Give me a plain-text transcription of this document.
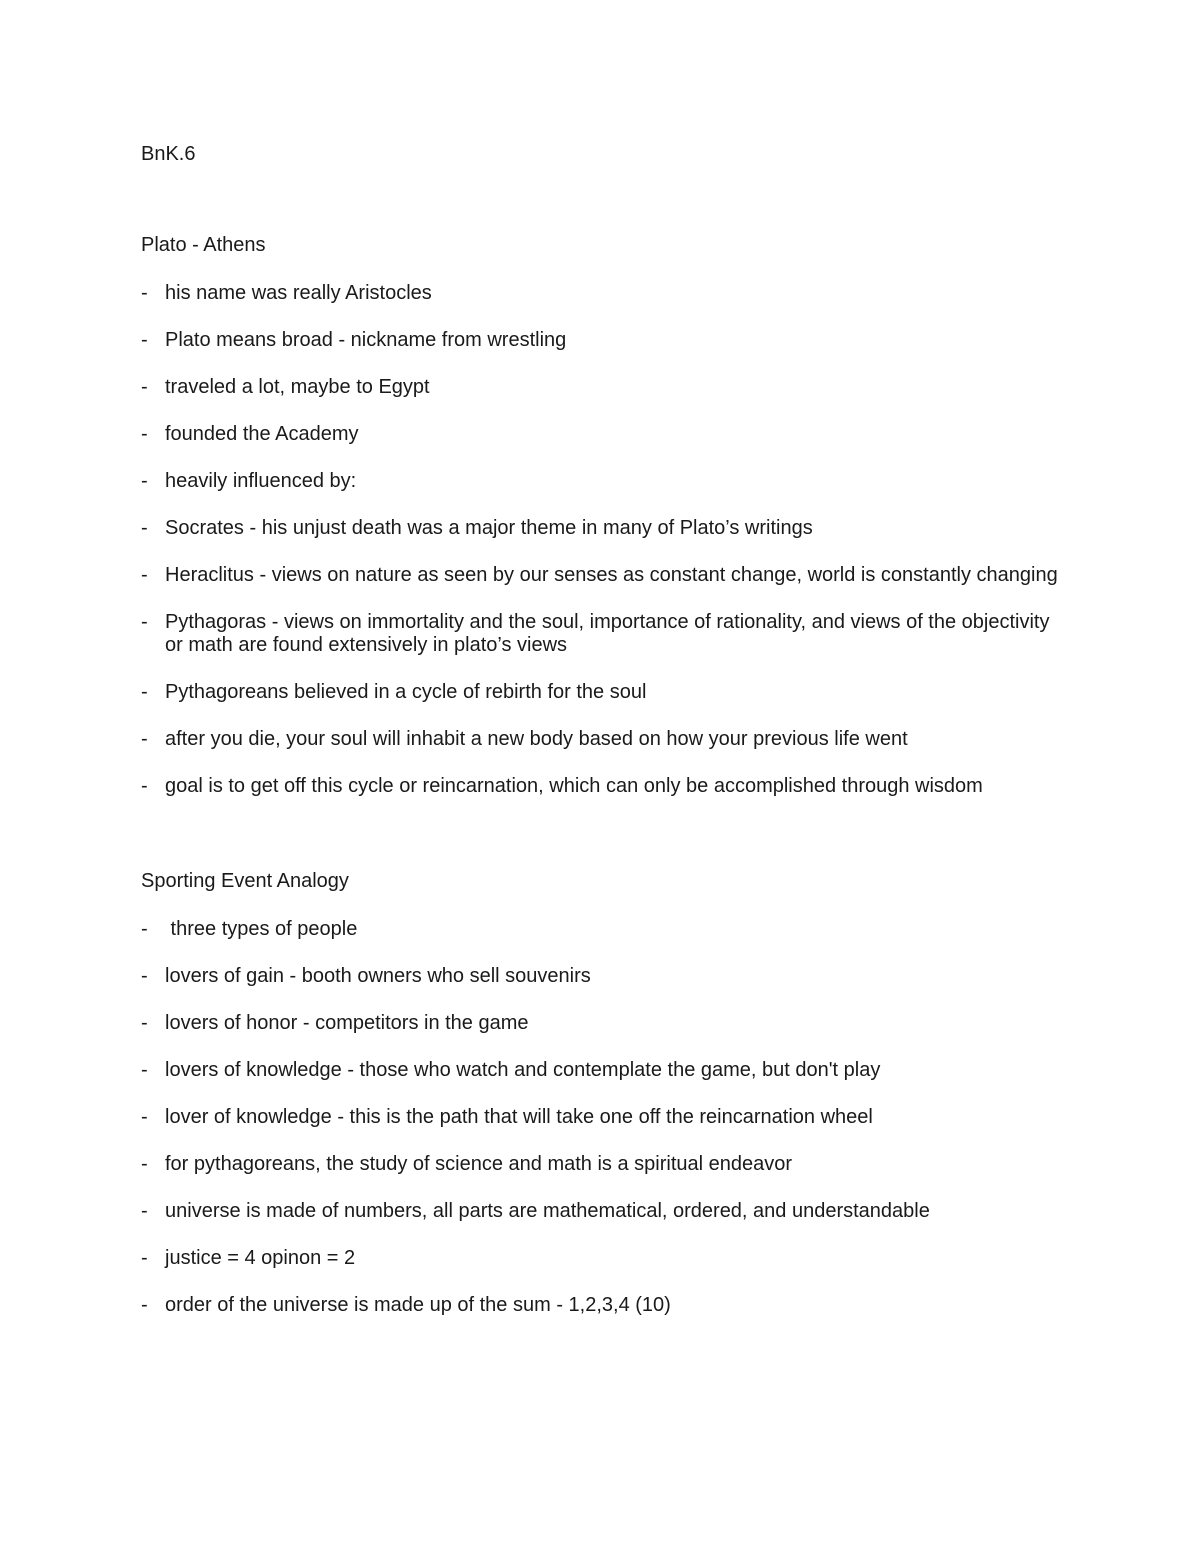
BnK.6
Plato - Athens
- his name was really Aristocles
- Plato means broad - nickname from wrestling
- traveled a lot, maybe to Egypt
- founded the Academy
- heavily influenced by:
- Socrates - his unjust death was a major theme in many of Plato’s writings
- Heraclitus - views on nature as seen by our senses as constant change, world is constantly changing
- Pythagoras - views on immortality and the soul, importance of rationality, and views of the objectivity or math are found extensively in plato’s views
- Pythagoreans believed in a cycle of rebirth for the soul
- after you die, your soul will inhabit a new body based on how your previous life went
- goal is to get off this cycle or reincarnation, which can only be accomplished through wisdom
Sporting Event Analogy
- three types of people
- lovers of gain - booth owners who sell souvenirs
- lovers of honor - competitors in the game
- lovers of knowledge - those who watch and contemplate the game, but don't play
- lover of knowledge - this is the path that will take one off the reincarnation wheel
- for pythagoreans, the study of science and math is a spiritual endeavor
- universe is made of numbers, all parts are mathematical, ordered, and understandable
- justice = 4 opinon = 2
- order of the universe is made up of the sum - 1,2,3,4 (10)
